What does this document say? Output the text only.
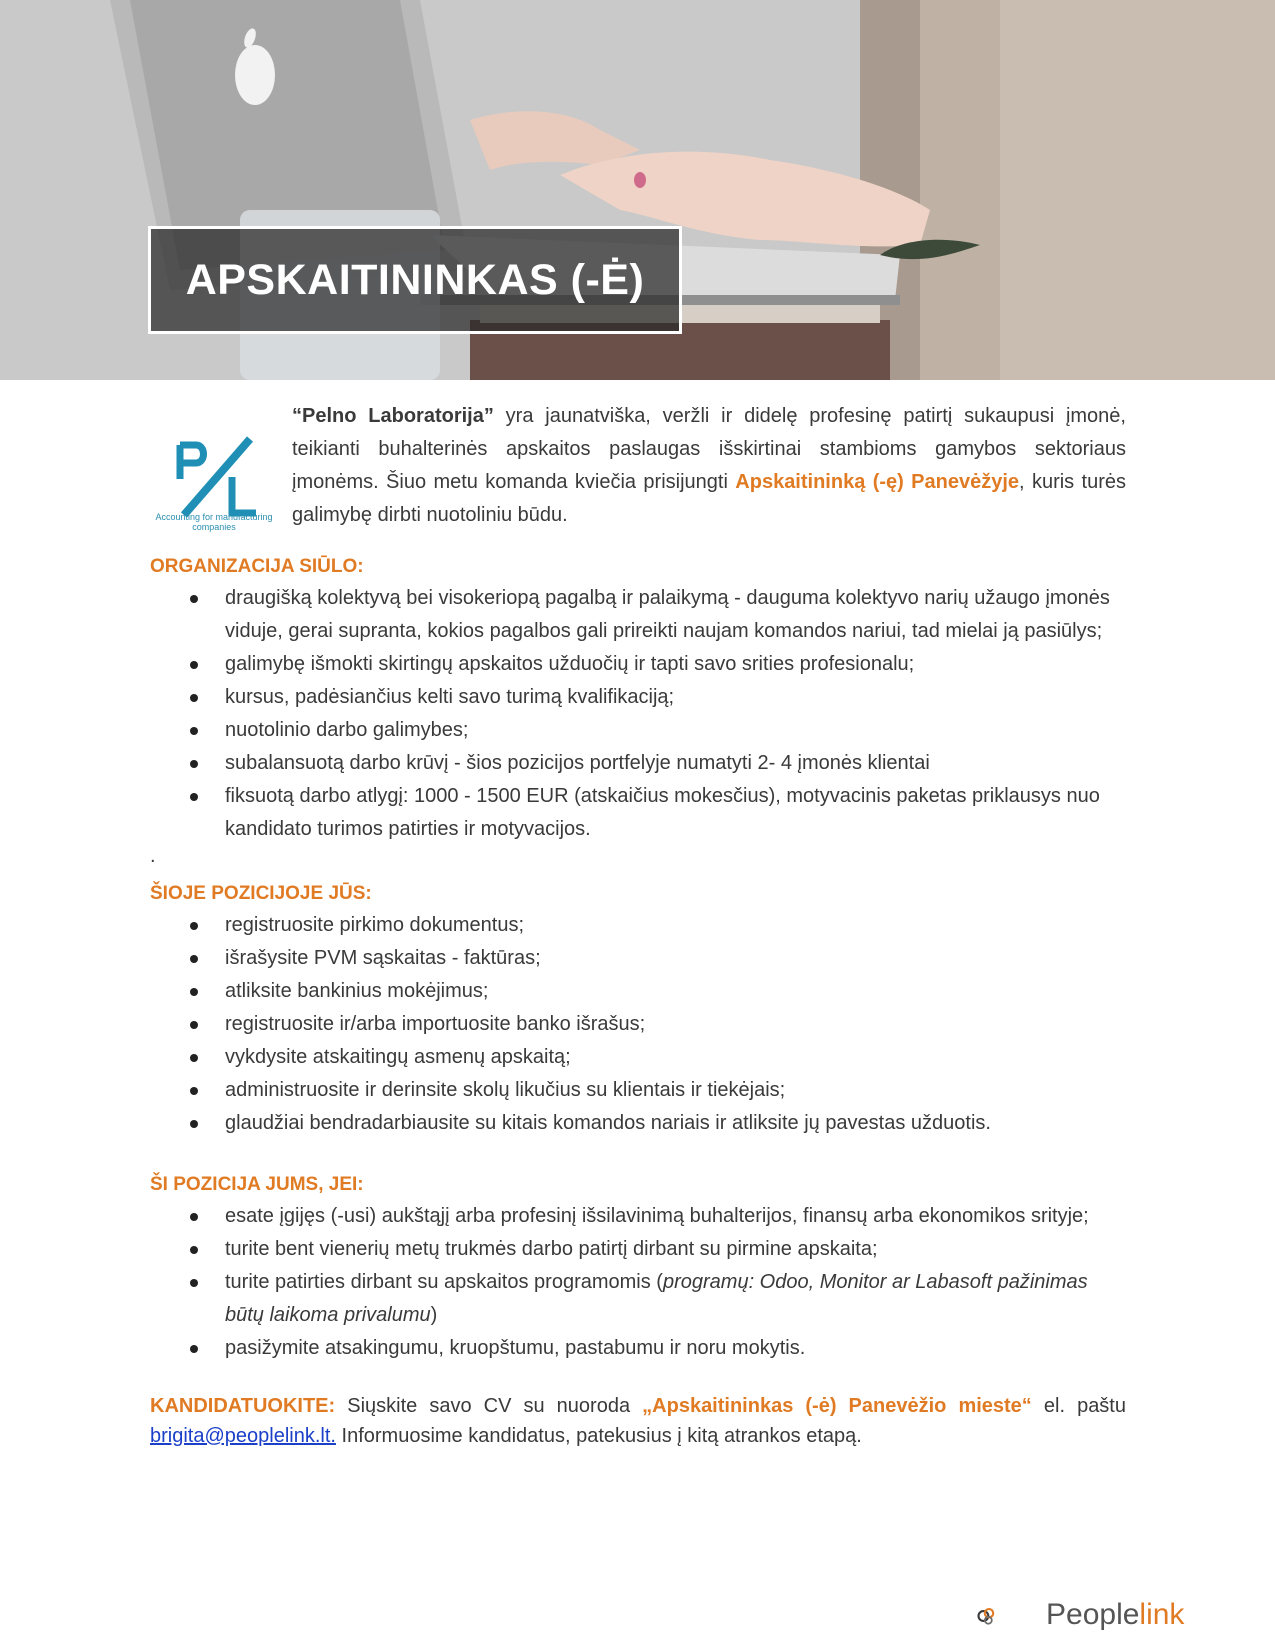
APSKAITININKAS (-Ė)
Accounting for manufacturing companies
“Pelno Laboratorija” yra jaunatviška, veržli ir didelę profesinę patirtį sukaupusi įmonė, teikianti buhalterinės apskaitos paslaugas išskirtinai stambioms gamybos sektoriaus įmonėms. Šiuo metu komanda kviečia prisijungti Apskaitininką (-ę) Panevėžyje, kuris turės galimybę dirbti nuotoliniu būdu.
ORGANIZACIJA SIŪLO:
draugišką kolektyvą bei visokeriopą pagalbą ir palaikymą - dauguma kolektyvo narių užaugo įmonės viduje, gerai supranta, kokios pagalbos gali prireikti naujam komandos nariui, tad mielai ją pasiūlys;
galimybę išmokti skirtingų apskaitos užduočių ir tapti savo srities profesionalu;
kursus, padėsiančius kelti savo turimą kvalifikaciją;
nuotolinio darbo galimybes;
subalansuotą darbo krūvį - šios pozicijos portfelyje numatyti 2- 4 įmonės klientai
fiksuotą darbo atlygį: 1000 - 1500 EUR (atskaičius mokesčius), motyvacinis paketas priklausys nuo kandidato turimos patirties ir motyvacijos.
.
ŠIOJE POZICIJOJE JŪS:
registruosite pirkimo dokumentus;
išrašysite PVM sąskaitas - faktūras;
atliksite bankinius mokėjimus;
registruosite ir/arba importuosite banko išrašus;
vykdysite atskaitingų asmenų apskaitą;
administruosite ir derinsite skolų likučius su klientais ir tiekėjais;
glaudžiai bendradarbiausite su kitais komandos nariais ir atliksite jų pavestas užduotis.
ŠI POZICIJA JUMS, JEI:
esate įgijęs (-usi) aukštąjį arba profesinį išsilavinimą buhalterijos, finansų arba ekonomikos srityje;
turite bent vienerių metų trukmės darbo patirtį dirbant su pirmine apskaita;
turite patirties dirbant su apskaitos programomis (programų: Odoo, Monitor ar Labasoft pažinimas būtų laikoma privalumu)
pasižymite atsakingumu, kruopštumu, pastabumu ir noru mokytis.
KANDIDATUOKITE: Siųskite savo CV su nuoroda „Apskaitininkas (-ė) Panevėžio mieste“ el. paštu brigita@peoplelink.lt. Informuosime kandidatus, patekusius į kitą atrankos etapą.
Peoplelink
